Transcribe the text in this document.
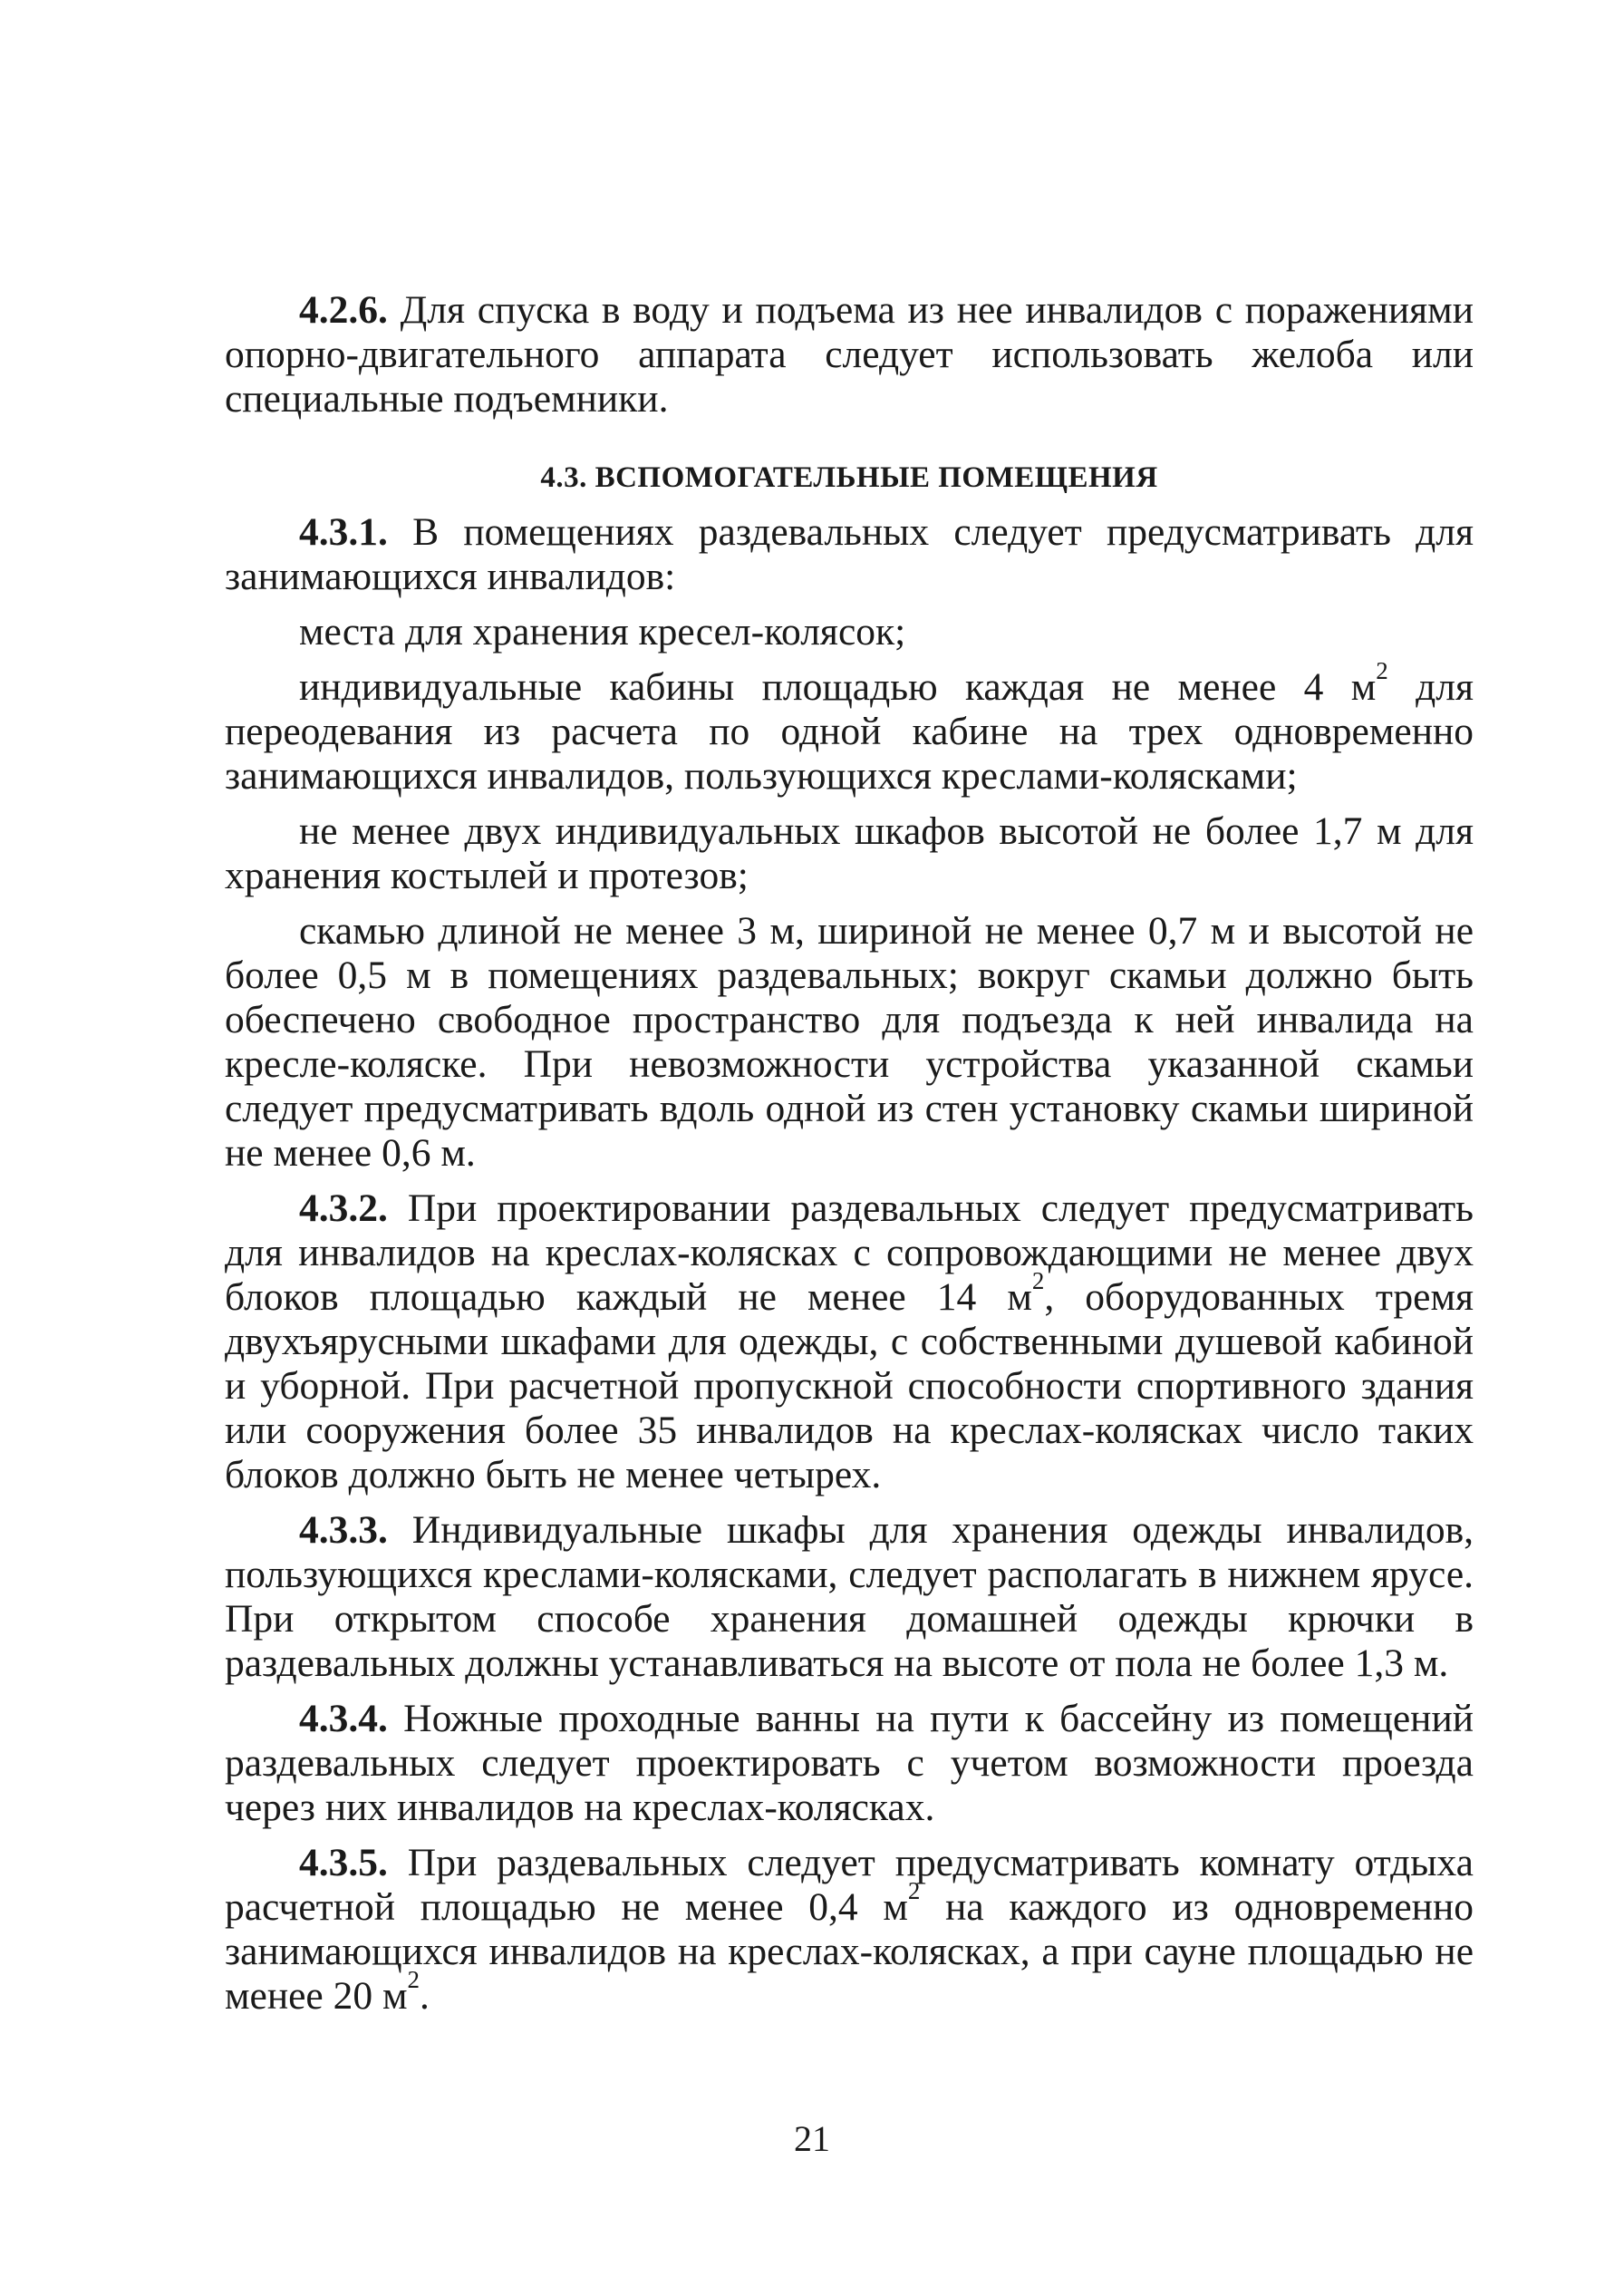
4.2.6. Для спуска в воду и подъема из нее инвалидов с поражениями опорно-двигательного аппарата следует использовать желоба или специальные подъемники.

4.3. ВСПОМОГАТЕЛЬНЫЕ ПОМЕЩЕНИЯ

4.3.1. В помещениях раздевальных следует предусматривать для занимающихся инвалидов:

места для хранения кресел-колясок;

индивидуальные кабины площадью каждая не менее 4 $м^2$ для переодевания из расчета по одной кабине на трех одновременно занимающихся инвалидов, пользующихся креслами-колясками;

не менее двух индивидуальных шкафов высотой не более 1,7 м для хранения костылей и протезов;

скамью длиной не менее 3 м, шириной не менее 0,7 м и высотой не более 0,5 м в помещениях раздевальных; вокруг скамьи должно быть обеспечено свободное пространство для подъезда к ней инвалида на кресле-коляске. При невозможности устройства указанной скамьи следует предусматривать вдоль одной из стен установку скамьи шириной не менее 0,6 м.

4.3.2. При проектировании раздевальных следует предусматривать для инвалидов на креслах-колясках с сопровождающими не менее двух блоков площадью каждый не менее 14 $м^2$, оборудованных тремя двухъярусными шкафами для одежды, с собственными душевой кабиной и уборной. При расчетной пропускной способности спортивного здания или сооружения более 35 инвалидов на креслах-колясках число таких блоков должно быть не менее четырех.

4.3.3. Индивидуальные шкафы для хранения одежды инвалидов, пользующихся креслами-колясками, следует располагать в нижнем ярусе. При открытом способе хранения домашней одежды крючки в раздевальных должны устанавливаться на высоте от пола не более 1,3 м.

4.3.4. Ножные проходные ванны на пути к бассейну из помещений раздевальных следует проектировать с учетом возможности проезда через них инвалидов на креслах-колясках.

4.3.5. При раздевальных следует предусматривать комнату отдыха расчетной площадью не менее 0,4 $м^2$ на каждого из одновременно занимающихся инвалидов на креслах-колясках, а при сауне площадью не менее 20 $м^2$.

21
